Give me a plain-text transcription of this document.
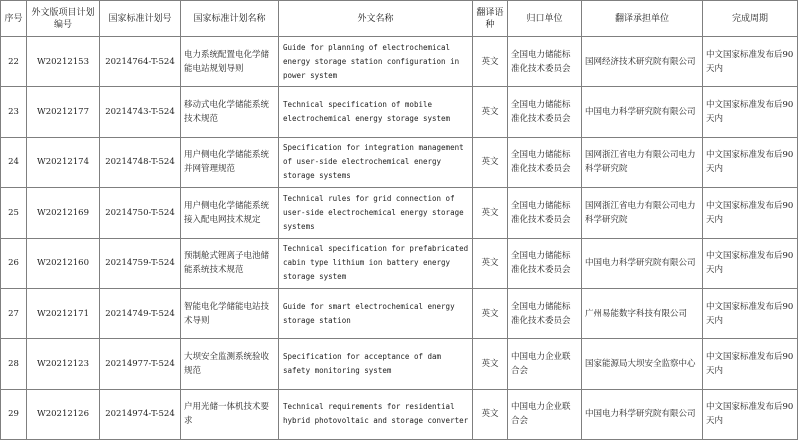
序号	外文版项目计划编号	国家标准计划号	国家标准计划名称	外文名称	翻译语种	归口单位	翻译承担单位	完成周期
22	W20212153	20214764-T-524	电力系统配置电化学储能电站规划导则	Guide for planning of electrochemical energy storage station configuration in power system	英文	全国电力储能标准化技术委员会	国网经济技术研究院有限公司	中文国家标准发布后90天内
23	W20212177	20214743-T-524	移动式电化学储能系统技术规范	Technical specification of mobile electrochemical energy storage system	英文	全国电力储能标准化技术委员会	中国电力科学研究院有限公司	中文国家标准发布后90天内
24	W20212174	20214748-T-524	用户侧电化学储能系统并网管理规范	Specification for integration management of user-side electrochemical energy storage systems	英文	全国电力储能标准化技术委员会	国网浙江省电力有限公司电力科学研究院	中文国家标准发布后90天内
25	W20212169	20214750-T-524	用户侧电化学储能系统接入配电网技术规定	Technical rules for grid connection of user-side electrochemical energy storage systems	英文	全国电力储能标准化技术委员会	国网浙江省电力有限公司电力科学研究院	中文国家标准发布后90天内
26	W20212160	20214759-T-524	预制舱式锂离子电池储能系统技术规范	Technical specification for prefabricated cabin type lithium ion battery energy storage system	英文	全国电力储能标准化技术委员会	中国电力科学研究院有限公司	中文国家标准发布后90天内
27	W20212171	20214749-T-524	智能电化学储能电站技术导则	Guide for smart electrochemical energy storage station	英文	全国电力储能标准化技术委员会	广州易能数字科技有限公司	中文国家标准发布后90天内
28	W20212123	20214977-T-524	大坝安全监测系统验收规范	Specification for acceptance of dam safety monitoring system	英文	中国电力企业联合会	国家能源局大坝安全监察中心	中文国家标准发布后90天内
29	W20212126	20214974-T-524	户用光储一体机技术要求	Technical requirements for residential hybrid photovoltaic and storage converter	英文	中国电力企业联合会	中国电力科学研究院有限公司	中文国家标准发布后90天内
